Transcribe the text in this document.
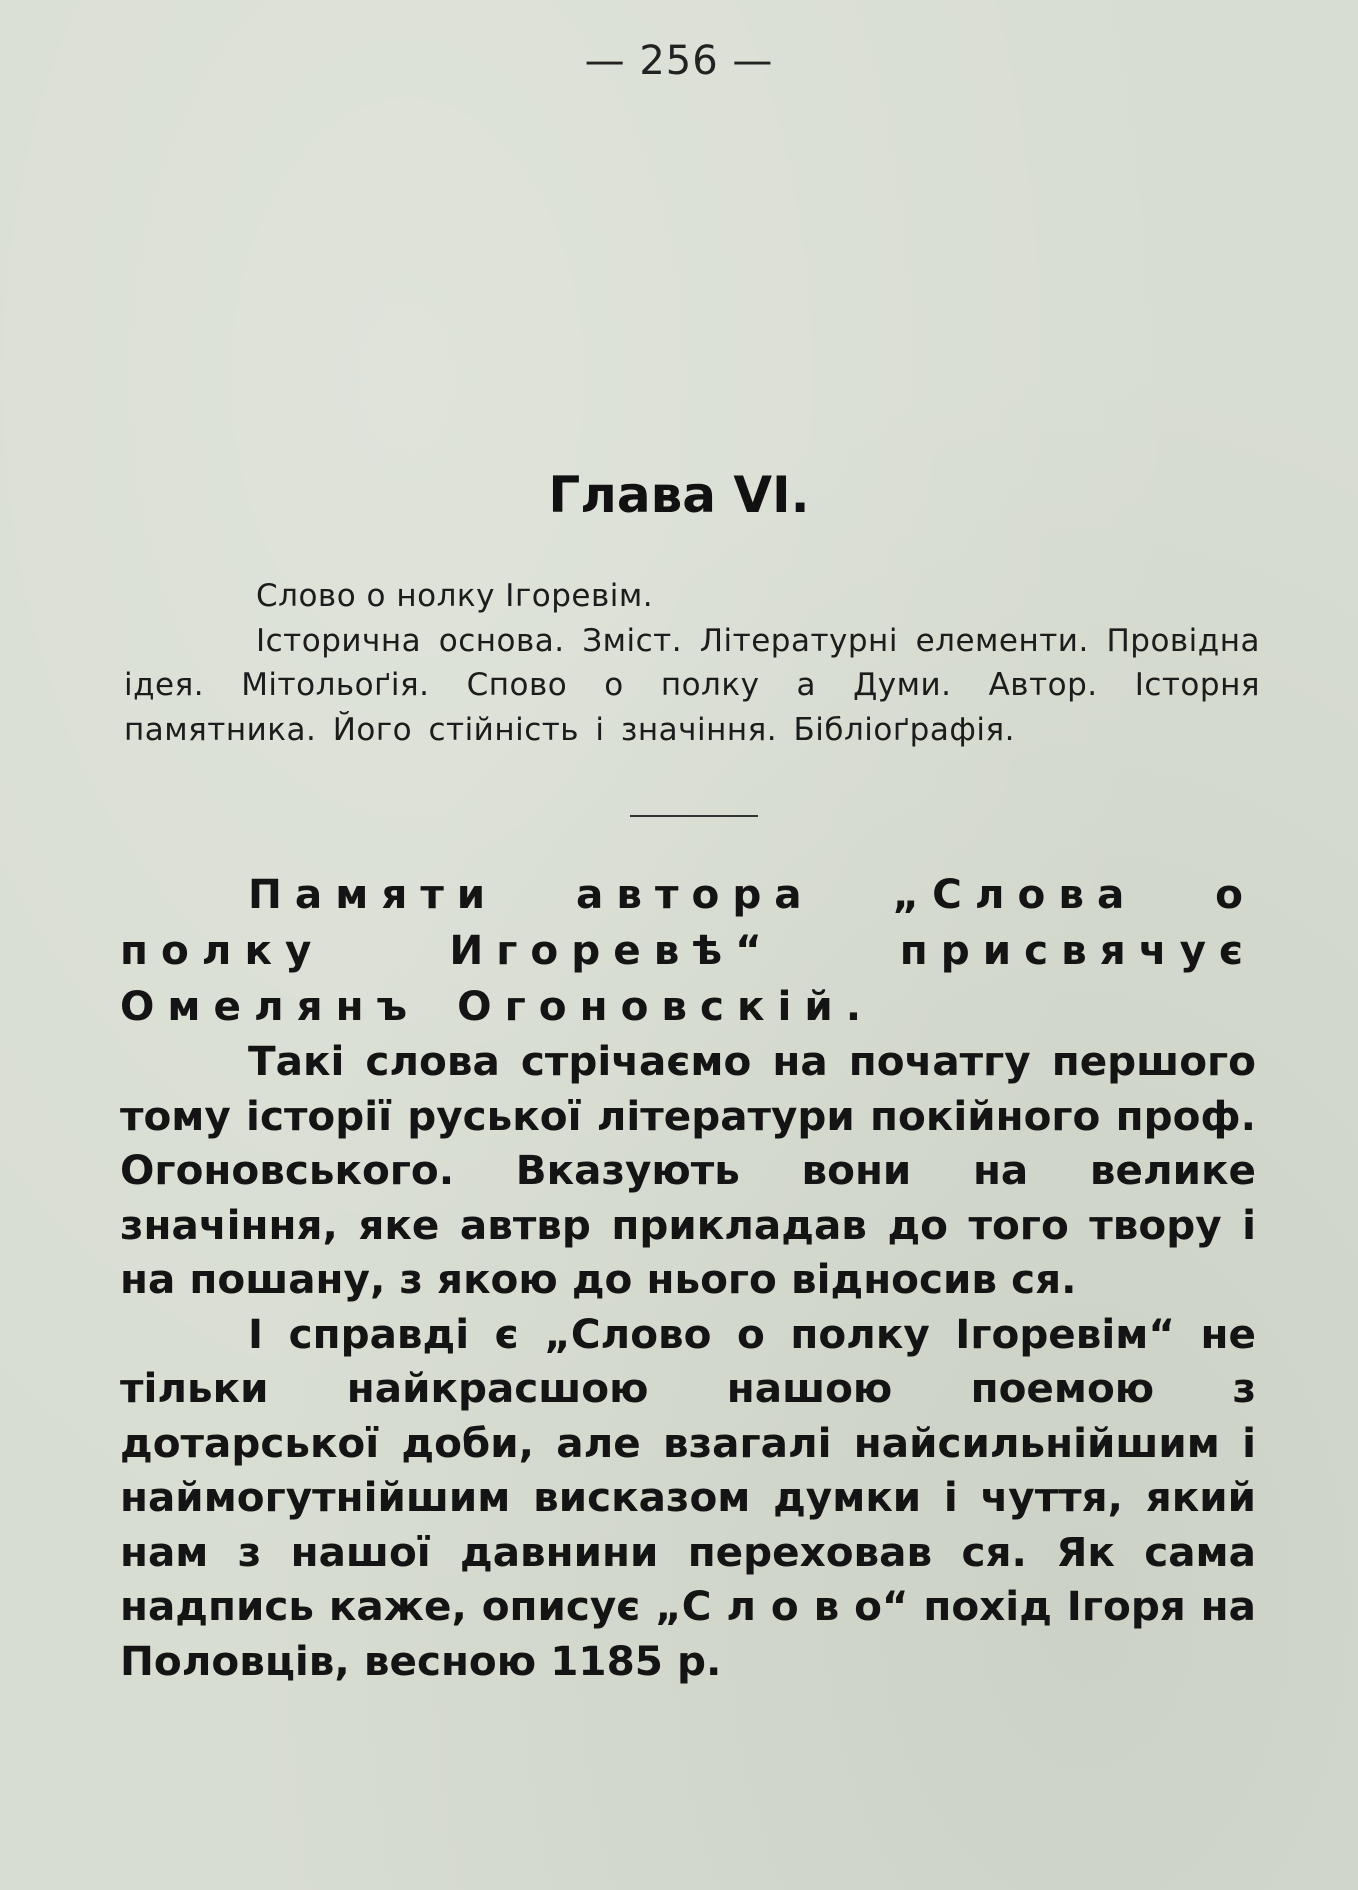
— 256 —
Глава VI.
Слово о нолку Ігоревім.
Історична основа. Зміст. Літературні елементи. Провідна ідея. Мітольоґія. Спово о полку а Думи. Автор. Історня памятника. Його стійність і значіння. Бібліоґрафія.

Памяти автора „Слова о полку Игоревѣ“ присвячує Омелянъ Огоновскій.

Такі слова стрічаємо на початгу першого тому історії руської літератури покійного проф. Огоновського. Вказують вони на велике значіння, яке автвр прикладав до того твору і на пошану, з якою до нього відносив ся.

І справді є „Слово о полку Ігоревім“ не тільки найкрасшою нашою поемою з дотарської доби, але взагалі найсильнійшим і наймогутнійшим висказом думки і чуття, який нам з нашої давнини переховав ся. Як сама надпись каже, описує „С л о в о“ похід Ігоря на Половців, весною 1185 р.
